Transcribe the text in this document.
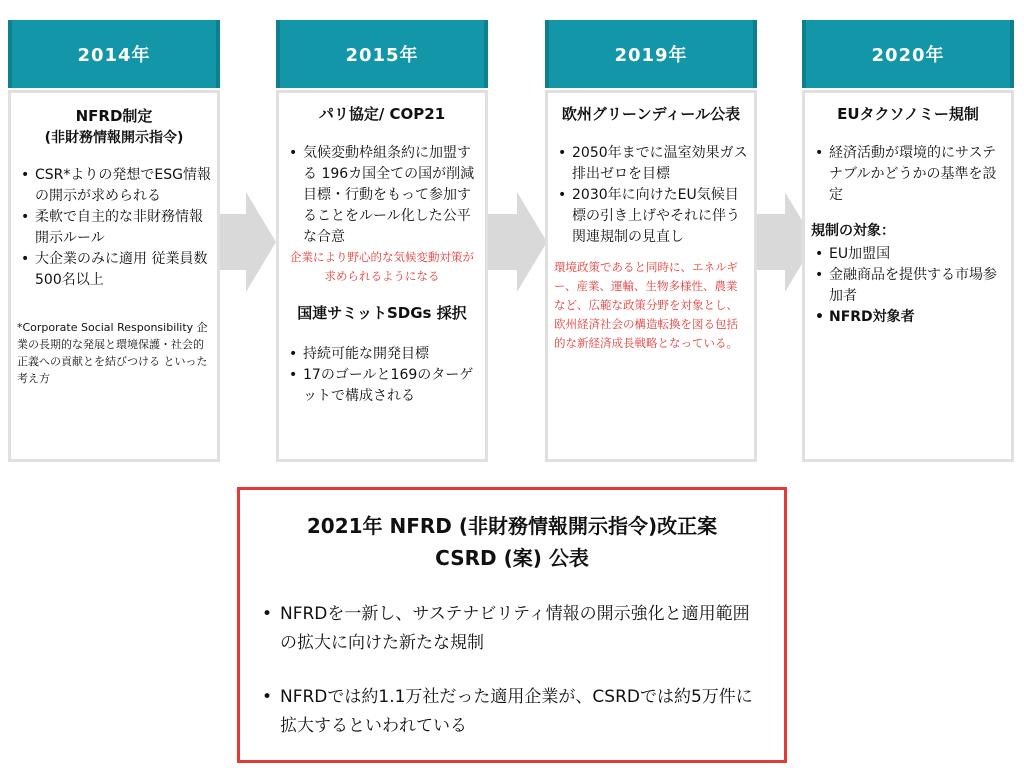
2014年
NFRD制定
(非財務情報開示指令)
• CSR*よりの発想でESG情報の開示が求められる
• 柔軟で自主的な非財務情報開示ルール
• 大企業のみに適用 従業員数500名以上
*Corporate Social Responsibility 企業の長期的な発展と環境保護・社会的正義への貢献とを結びつける といった考え方
2015年
パリ協定/ COP21
• 気候変動枠組条約に加盟する 196カ国全ての国が削減目標・行動をもって参加することをルール化した公平な合意
企業により野心的な気候変動対策が求められるようになる
国連サミットSDGs 採択
• 持続可能な開発目標
• 17のゴールと169のターゲットで構成される
2019年
欧州グリーンディール公表
• 2050年までに温室効果ガス排出ゼロを目標
• 2030年に向けたEU気候目標の引き上げやそれに伴う関連規制の見直し
環境政策であると同時に、エネルギー、産業、運輸、生物多様性、農業など、広範な政策分野を対象とし、欧州経済社会の構造転換を図る包括的な新経済成長戦略となっている。
2020年
EUタクソノミー規制
• 経済活動が環境的にサステナブルかどうかの基準を設定
規制の対象：
• EU加盟国
• 金融商品を提供する市場参加者
• NFRD対象者
2021年 NFRD (非財務情報開示指令)改正案
CSRD (案) 公表
• NFRDを一新し、サステナビリティ情報の開示強化と適用範囲の拡大に向けた新たな規制
• NFRDでは約1.1万社だった適用企業が、CSRDでは約5万件に拡大するといわれている
